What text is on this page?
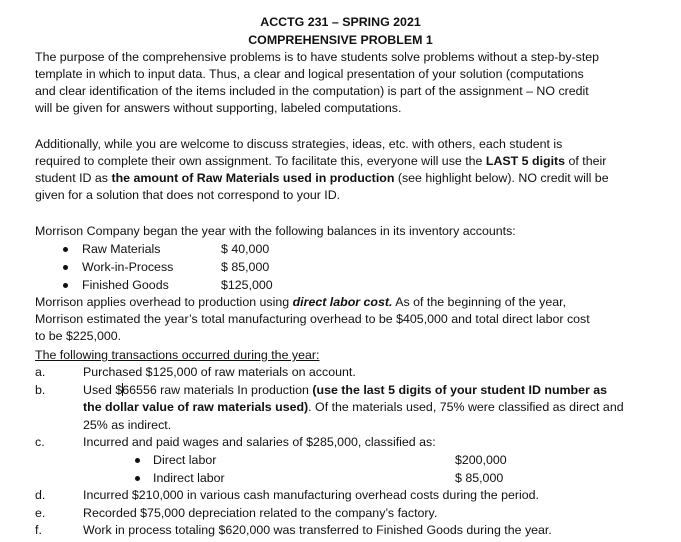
ACCTG 231 – SPRING 2021
COMPREHENSIVE PROBLEM 1
The purpose of the comprehensive problems is to have students solve problems without a step-by-step
template in which to input data. Thus, a clear and logical presentation of your solution (computations
and clear identification of the items included in the computation) is part of the assignment – NO credit
will be given for answers without supporting, labeled computations.
Additionally, while you are welcome to discuss strategies, ideas, etc. with others, each student is
required to complete their own assignment. To facilitate this, everyone will use the LAST 5 digits of their
student ID as the amount of Raw Materials used in production (see highlight below). NO credit will be
given for a solution that does not correspond to your ID.
Morrison Company began the year with the following balances in its inventory accounts:
Raw Materials	$ 40,000
Work-in-Process	$ 85,000
Finished Goods	$125,000
Morrison applies overhead to production using direct labor cost. As of the beginning of the year,
Morrison estimated the year’s total manufacturing overhead to be $405,000 and total direct labor cost
to be $225,000.
The following transactions occurred during the year:
a.	Purchased $125,000 of raw materials on account.
b.	Used $66556 raw materials In production (use the last 5 digits of your student ID number as
the dollar value of raw materials used). Of the materials used, 75% were classified as direct and
25% as indirect.
c.	Incurred and paid wages and salaries of $285,000, classified as:
Direct labor	$200,000
Indirect labor	$ 85,000
d.	Incurred $210,000 in various cash manufacturing overhead costs during the period.
e.	Recorded $75,000 depreciation related to the company’s factory.
f.	Work in process totaling $620,000 was transferred to Finished Goods during the year.
